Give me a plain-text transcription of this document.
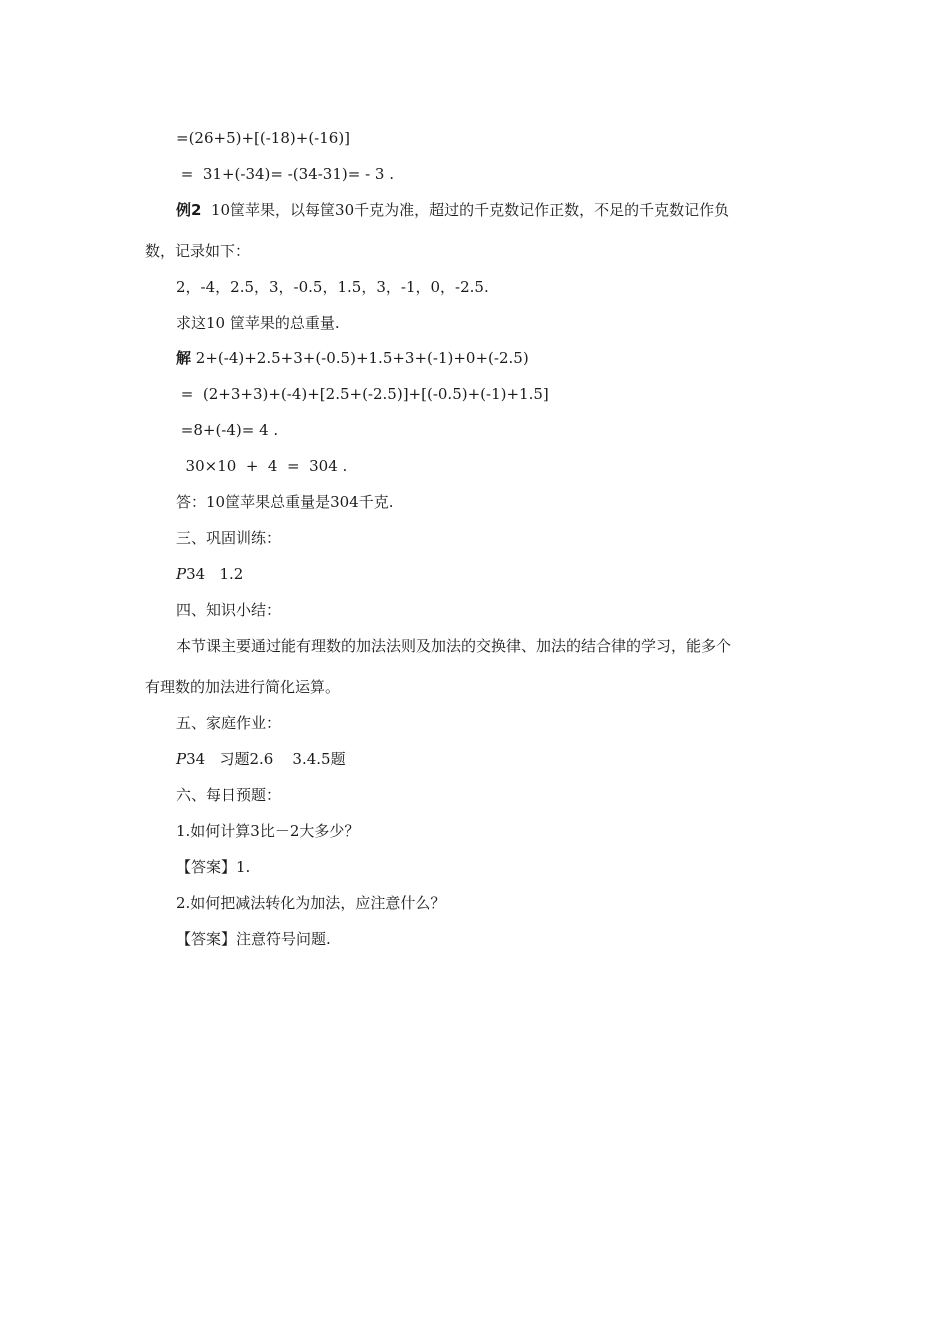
=(26+5)+[(-18)+(-16)]
=  31+(-34)= -(34-31)= - 3 .
例2  10筐苹果，以每筐30千克为准，超过的千克数记作正数，不足的千克数记作负
数，记录如下：
2，-4，2.5，3，-0.5，1.5，3，-1，0，-2.5.
求这10 筐苹果的总重量.
解 2+(-4)+2.5+3+(-0.5)+1.5+3+(-1)+0+(-2.5)
=  (2+3+3)+(-4)+[2.5+(-2.5)]+[(-0.5)+(-1)+1.5]
=8+(-4)= 4 .
30×10  +  4  =  304 .
答：10筐苹果总重量是304千克.
三、巩固训练：
P34   1.2
四、知识小结：
本节课主要通过能有理数的加法法则及加法的交换律、加法的结合律的学习，能多个
有理数的加法进行简化运算。
五、家庭作业：
P34   习题2.6    3.4.5题
六、每日预题：
1.如何计算3比－2大多少？
【答案】1.
2.如何把减法转化为加法，应注意什么？
【答案】注意符号问题.
